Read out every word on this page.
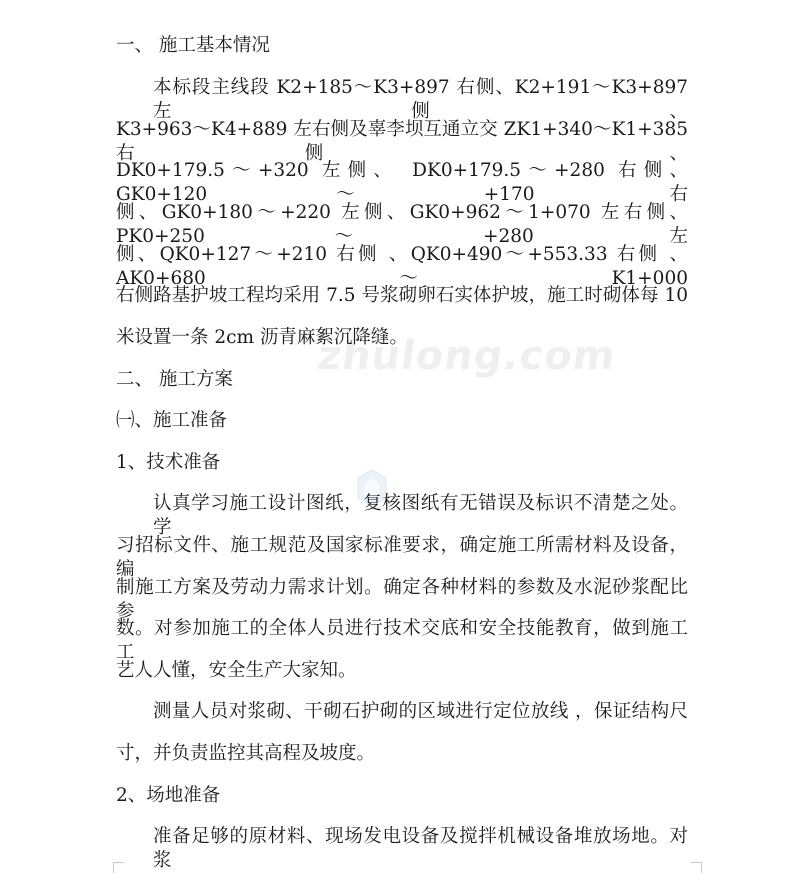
zhulong.com
一、 施工基本情况
本标段主线段 K2+185～K3+897 右侧、K2+191～K3+897 左侧、
K3+963～K4+889 左右侧及辜李坝互通立交 ZK1+340～K1+385 右侧 、
DK0+179.5～+320 左侧、 DK0+179.5～+280 右侧、 GK0+120～+170 右
侧、GK0+180～+220 左侧、GK0+962～1+070 左右侧、PK0+250～+280 左
侧、QK0+127～+210 右侧 、QK0+490～+553.33 右侧 、AK0+680～K1+000
右侧路基护坡工程均采用 7.5 号浆砌卵石实体护坡，施工时砌体每 10
米设置一条 2cm 沥青麻絮沉降缝。
二、 施工方案
㈠、施工准备
1、技术准备
认真学习施工设计图纸，复核图纸有无错误及标识不清楚之处。学
习招标文件、施工规范及国家标准要求，确定施工所需材料及设备，编
制施工方案及劳动力需求计划。确定各种材料的参数及水泥砂浆配比参
数。对参加施工的全体人员进行技术交底和安全技能教育，做到施工工
艺人人懂，安全生产大家知。
测量人员对浆砌、干砌石护砌的区域进行定位放线 ，保证结构尺
寸，并负责监控其高程及坡度。
2、场地准备
准备足够的原材料、现场发电设备及搅拌机械设备堆放场地。对浆
